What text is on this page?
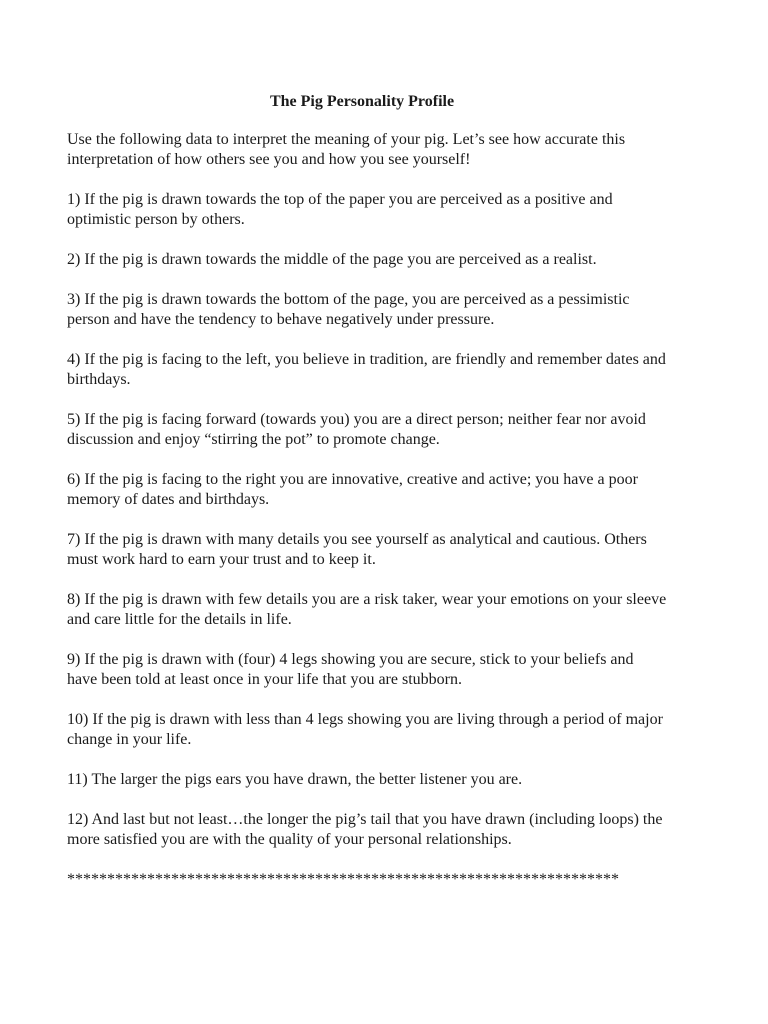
The Pig Personality Profile

Use the following data to interpret the meaning of your pig. Let’s see how accurate this interpretation of how others see you and how you see yourself!

1) If the pig is drawn towards the top of the paper you are perceived as a positive and optimistic person by others.

2) If the pig is drawn towards the middle of the page you are perceived as a realist.

3) If the pig is drawn towards the bottom of the page, you are perceived as a pessimistic person and have the tendency to behave negatively under pressure.

4) If the pig is facing to the left, you believe in tradition, are friendly and remember dates and birthdays.

5) If the pig is facing forward (towards you) you are a direct person; neither fear nor avoid discussion and enjoy “stirring the pot” to promote change.

6) If the pig is facing to the right you are innovative, creative and active; you have a poor memory of dates and birthdays.

7) If the pig is drawn with many details you see yourself as analytical and cautious. Others must work hard to earn your trust and to keep it.

8) If the pig is drawn with few details you are a risk taker, wear your emotions on your sleeve and care little for the details in life.

9) If the pig is drawn with (four) 4 legs showing you are secure, stick to your beliefs and have been told at least once in your life that you are stubborn.

10) If the pig is drawn with less than 4 legs showing you are living through a period of major change in your life.

11) The larger the pigs ears you have drawn, the better listener you are.

12) And last but not least…the longer the pig’s tail that you have drawn (including loops) the more satisfied you are with the quality of your personal relationships.

*********************************************************************
